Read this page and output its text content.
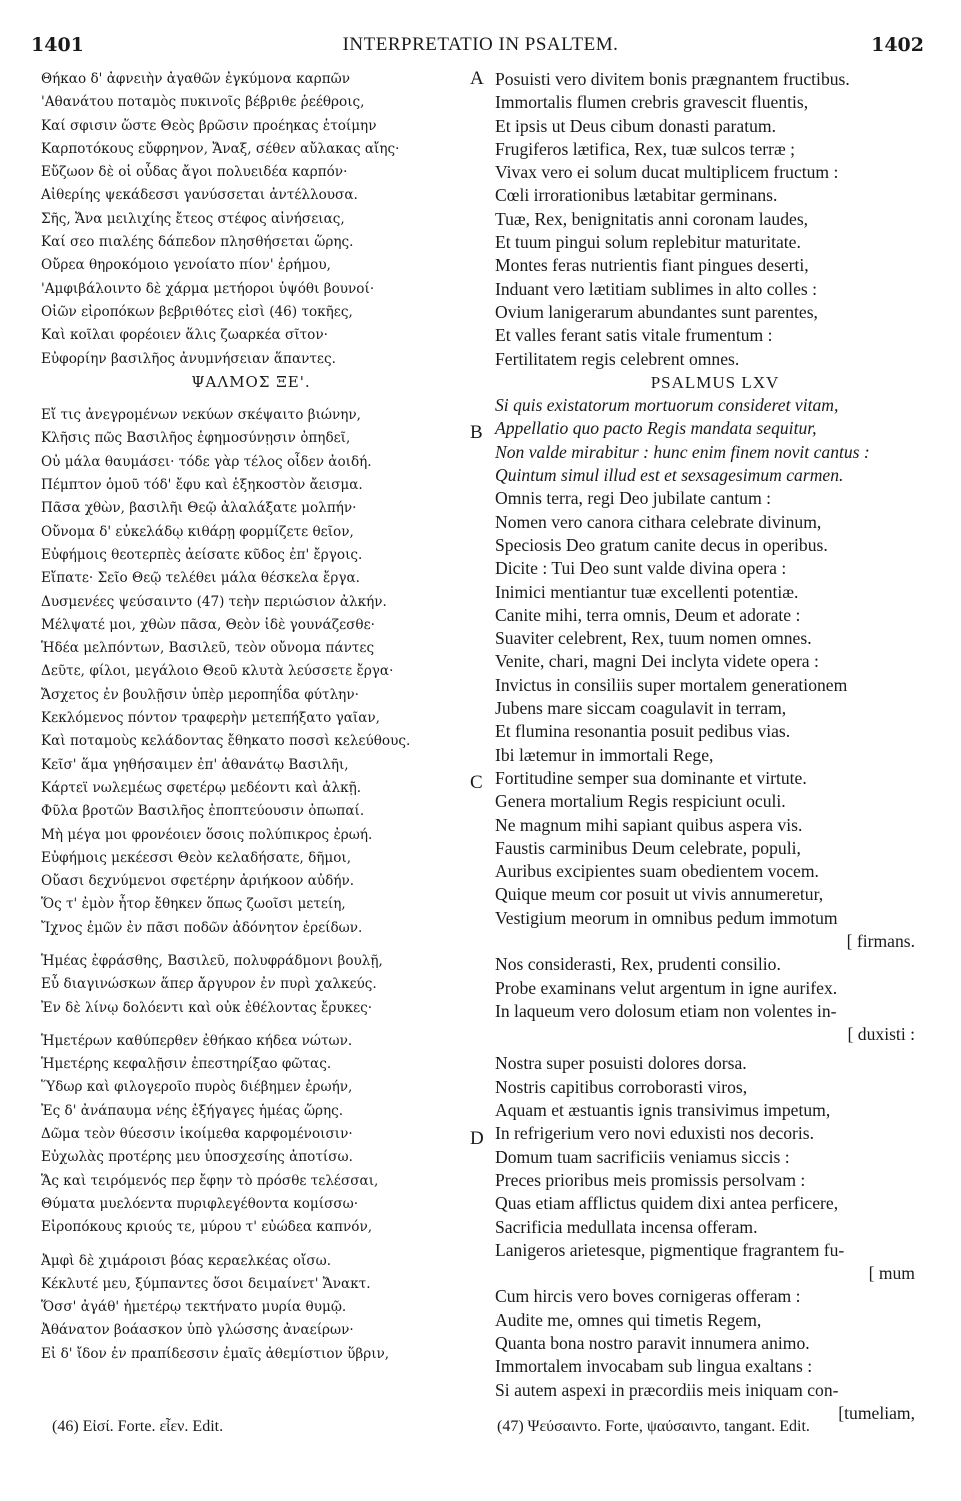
1401	INTERPRETATIO IN PSALTEM.	1402
A
B
C
D
Θήκαο δ' ἀφνειὴν ἀγαθῶν ἐγκύμονα καρπῶν
'Αθανάτου ποταμὸς πυκινοῖς βέβριθε ῥεέθροις,
Καί σφισιν ὥστε Θεὸς βρῶσιν προέηκας ἑτοίμην
Καρποτόκους εὔφρηνον, Ἄναξ, σέθεν αὔλακας αἴης·
Εὔζωον δὲ οἱ οὖδας ἄγοι πολυειδέα καρπόν·
Αἰθερίης ψεκάδεσσι γανύσσεται ἀντέλλουσα.
Σῆς, Ἄνα μειλιχίης ἔτεος στέφος αἰνήσειας,
Καί σεο πιαλέης δάπεδον πλησθήσεται ὥρης.
Οὔρεα θηροκόμοιο γενοίατο πίον' ἐρήμου,
'Αμφιβάλοιντο δὲ χάρμα μετήοροι ὑψόθι βουνοί·
Οἰῶν εἰροπόκων βεβριθότες εἰσὶ (46) τοκῆες,
Καὶ κοῖλαι φορέοιεν ἅλις ζωαρκέα σῖτον·
Εὐφορίην βασιλῆος ἀνυμνήσειαν ἅπαντες.
ΨΑΛΜΟΣ ΞΕ'.
Εἴ τις ἀνεγρομένων νεκύων σκέψαιτο βιώνην,
Κλῆσις πῶς Βασιλῆος ἐφημοσύνῃσιν ὀπηδεῖ,
Οὐ μάλα θαυμάσει· τόδε γὰρ τέλος οἶδεν ἀοιδή.
Πέμπτον ὁμοῦ τόδ' ἔφυ καὶ ἑξηκοστὸν ἄεισμα.
Πᾶσα χθὼν, βασιλῆι Θεῷ ἀλαλάξατε μολπήν·
Οὔνομα δ' εὐκελάδῳ κιθάρῃ φορμίζετε θεῖον,
Εὐφήμοις θεοτερπὲς ἀείσατε κῦδος ἐπ' ἔργοις.
Εἴπατε· Σεῖο Θεῷ τελέθει μάλα θέσκελα ἔργα.
Δυσμενέες ψεύσαιντο (47) τεὴν περιώσιον ἀλκήν.
Μέλψατέ μοι, χθὼν πᾶσα, Θεὸν ἰδὲ γουνάζεσθε·
Ἡδέα μελπόντων, Βασιλεῦ, τεὸν οὔνομα πάντες
Δεῦτε, φίλοι, μεγάλοιο Θεοῦ κλυτὰ λεύσσετε ἔργα·
Ἄσχετος ἐν βουλῇσιν ὑπὲρ μεροπηΐδα φύτλην·
Κεκλόμενος πόντον τραφερὴν μετεπήξατο γαῖαν,
Καὶ ποταμοὺς κελάδοντας ἔθηκατο ποσσὶ κελεύθους.
Κεῖσ' ἅμα γηθήσαιμεν ἐπ' ἀθανάτῳ Βασιλῆι,
Κάρτεϊ νωλεμέως σφετέρῳ μεδέοντι καὶ ἀλκῇ.
Φῦλα βροτῶν Βασιλῆος ἐποπτεύουσιν ὀπωπαί.
Μὴ μέγα μοι φρονέοιεν ὅσοις πολύπικρος ἐρωή.
Εὐφήμοις μεκέεσσι Θεὸν κελαδήσατε, δῆμοι,
Οὔασι δεχνύμενοι σφετέρην ἀριήκοον αὐδήν.
Ὅς τ' ἐμὸν ἦτορ ἔθηκεν ὅπως ζωοῖσι μετείη,
Ἴχνος ἐμῶν ἐν πᾶσι ποδῶν ἀδόνητον ἐρείδων.
Ἡμέας ἐφράσθης, Βασιλεῦ, πολυφράδμονι βουλῇ,
Εὖ διαγινώσκων ἅπερ ἄργυρον ἐν πυρὶ χαλκεύς.
Ἐν δὲ λίνῳ δολόεντι καὶ οὐκ ἐθέλοντας ἔρυκες·
Ἡμετέρων καθύπερθεν ἐθήκαο κήδεα νώτων.
Ἡμετέρης κεφαλῇσιν ἐπεστηρίξαο φῶτας.
Ὕδωρ καὶ φιλογεροῖο πυρὸς διέβημεν ἐρωήν,
Ἐς δ' ἀνάπαυμα νέης ἐξήγαγες ἡμέας ὥρης.
Δῶμα τεὸν θύεσσιν ἱκοίμεθα καρφομένοισιν·
Εὐχωλὰς προτέρης μευ ὑποσχεσίης ἀποτίσω.
Ἅς καὶ τειρόμενός περ ἔφην τὸ πρόσθε τελέσσαι,
Θύματα μυελόεντα πυριφλεγέθοντα κομίσσω·
Εἰροπόκους κριούς τε, μύρου τ' εὐώδεα καπνόν,
Ἀμφὶ δὲ χιμάροισι βόας κεραελκέας οἴσω.
Κέκλυτέ μευ, ξύμπαντες ὅσοι δειμαίνετ' Ἄνακτ.
Ὅσσ' ἀγάθ' ἡμετέρῳ τεκτήνατο μυρία θυμῷ.
Ἀθάνατον βοάασκον ὑπὸ γλώσσης ἀναείρων·
Εἰ δ' ἴδον ἐν πραπίδεσσιν ἐμαῖς ἀθεμίστιον ὕβριν,
Posuisti vero divitem bonis prægnantem fructibus.
Immortalis flumen crebris gravescit fluentis,
Et ipsis ut Deus cibum donasti paratum.
Frugiferos lætifica, Rex, tuæ sulcos terræ ;
Vivax vero ei solum ducat multiplicem fructum :
Cœli irrorationibus lætabitar germinans.
Tuæ, Rex, benignitatis anni coronam laudes,
Et tuum pingui solum replebitur maturitate.
Montes feras nutrientis fiant pingues deserti,
Induant vero lætitiam sublimes in alto colles :
Ovium lanigerarum abundantes sunt parentes,
Et valles ferant satis vitale frumentum :
Fertilitatem regis celebrent omnes.
PSALMUS LXV
Si quis existatorum mortuorum consideret vitam,
Appellatio quo pacto Regis mandata sequitur,
Non valde mirabitur : hunc enim finem novit cantus :
Quintum simul illud est et sexsagesimum carmen.
Omnis terra, regi Deo jubilate cantum :
Nomen vero canora cithara celebrate divinum,
Speciosis Deo gratum canite decus in operibus.
Dicite : Tui Deo sunt valde divina opera :
Inimici mentiantur tuæ excellenti potentiæ.
Canite mihi, terra omnis, Deum et adorate :
Suaviter celebrent, Rex, tuum nomen omnes.
Venite, chari, magni Dei inclyta videte opera :
Invictus in consiliis super mortalem generationem
Jubens mare siccam coagulavit in terram,
Et flumina resonantia posuit pedibus vias.
Ibi lætemur in immortali Rege,
Fortitudine semper sua dominante et virtute.
Genera mortalium Regis respiciunt oculi.
Ne magnum mihi sapiant quibus aspera vis.
Faustis carminibus Deum celebrate, populi,
Auribus excipientes suam obedientem vocem.
Quique meum cor posuit ut vivis annumeretur,
Vestigium meorum in omnibus pedum immotum
[ firmans.
Nos considerasti, Rex, prudenti consilio.
Probe examinans velut argentum in igne aurifex.
In laqueum vero dolosum etiam non volentes in-
[ duxisti :
Nostra super posuisti dolores dorsa.
Nostris capitibus corroborasti viros,
Aquam et æstuantis ignis transivimus impetum,
In refrigerium vero novi eduxisti nos decoris.
Domum tuam sacrificiis veniamus siccis :
Preces prioribus meis promissis persolvam :
Quas etiam afflictus quidem dixi antea perficere,
Sacrificia medullata incensa offeram.
Lanigeros arietesque, pigmentique fragrantem fu-
[ mum
Cum hircis vero boves cornigeras offeram :
Audite me, omnes qui timetis Regem,
Quanta bona nostro paravit innumera animo.
Immortalem invocabam sub lingua exaltans :
Si autem aspexi in præcordiis meis iniquam con-
[tumeliam,
(46) Εἰσί. Forte. εἶεν. Edit.	(47) Ψεύσαιντο. Forte, ψαύσαιντο, tangant. Edit.
